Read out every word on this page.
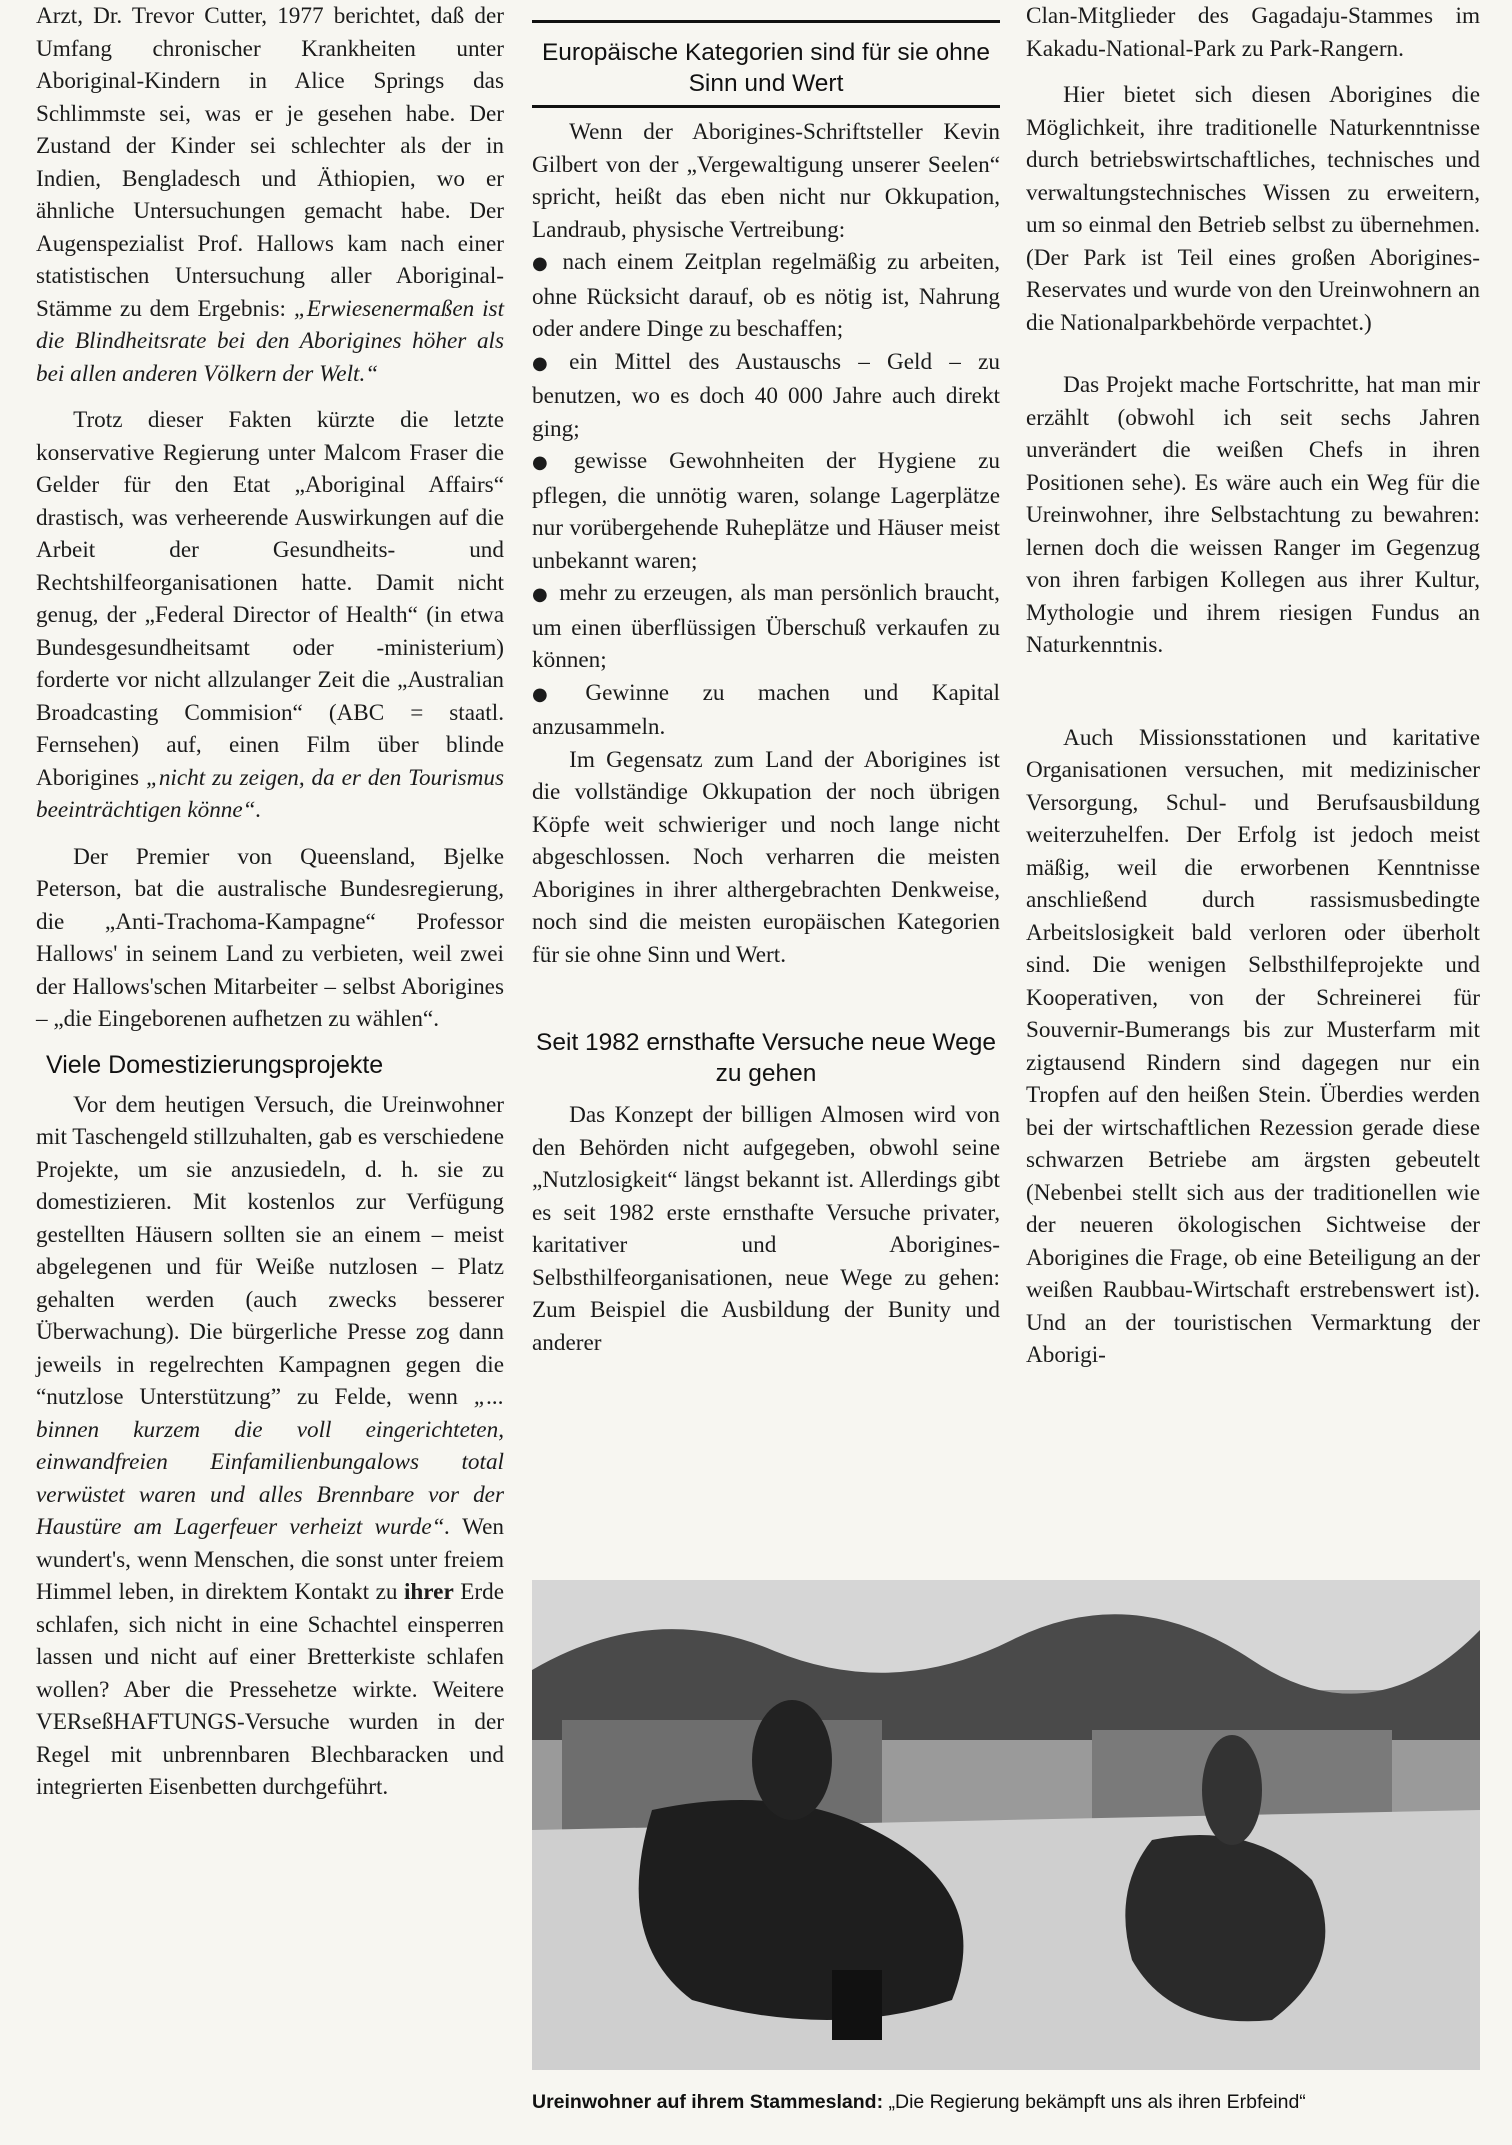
Arzt, Dr. Trevor Cutter, 1977 berichtet, daß der Umfang chronischer Krankheiten unter Aboriginal-Kindern in Alice Springs das Schlimmste sei, was er je gesehen habe. Der Zustand der Kinder sei schlechter als der in Indien, Bengladesch und Äthiopien, wo er ähnliche Untersuchungen gemacht habe. Der Augenspezialist Prof. Hallows kam nach einer statistischen Untersuchung aller Aboriginal-Stämme zu dem Ergebnis: „Erwiesenermaßen ist die Blindheitsrate bei den Aborigines höher als bei allen anderen Völkern der Welt.“

Trotz dieser Fakten kürzte die letzte konservative Regierung unter Malcom Fraser die Gelder für den Etat „Aboriginal Affairs“ drastisch, was verheerende Auswirkungen auf die Arbeit der Gesundheits- und Rechtshilfeorganisationen hatte. Damit nicht genug, der „Federal Director of Health“ (in etwa Bundesgesundheitsamt oder -ministerium) forderte vor nicht allzulanger Zeit die „Australian Broadcasting Commision“ (ABC = staatl. Fernsehen) auf, einen Film über blinde Aborigines „nicht zu zeigen, da er den Tourismus beeinträchtigen könne“.

Der Premier von Queensland, Bjelke Peterson, bat die australische Bundesregierung, die „Anti-Trachoma-Kampagne“ Professor Hallows' in seinem Land zu verbieten, weil zwei der Hallows'schen Mitarbeiter – selbst Aborigines – „die Eingeborenen aufhetzen zu wählen“.

Viele Domestizierungsprojekte

Vor dem heutigen Versuch, die Ureinwohner mit Taschengeld stillzuhalten, gab es verschiedene Projekte, um sie anzusiedeln, d. h. sie zu domestizieren. Mit kostenlos zur Verfügung gestellten Häusern sollten sie an einem – meist abgelegenen und für Weiße nutzlosen – Platz gehalten werden (auch zwecks besserer Überwachung). Die bürgerliche Presse zog dann jeweils in regelrechten Kampagnen gegen die “nutzlose Unterstützung” zu Felde, wenn „... binnen kurzem die voll eingerichteten, einwandfreien Einfamilienbungalows total verwüstet waren und alles Brennbare vor der Haustüre am Lagerfeuer verheizt wurde“. Wen wundert's, wenn Menschen, die sonst unter freiem Himmel leben, in direktem Kontakt zu ihrer Erde schlafen, sich nicht in eine Schachtel einsperren lassen und nicht auf einer Bretterkiste schlafen wollen? Aber die Pressehetze wirkte. Weitere VERseßHAFTUNGS-Versuche wurden in der Regel mit unbrennbaren Blechbaracken und integrierten Eisenbetten durchgeführt.

Europäische Kategorien sind für sie ohne Sinn und Wert

Wenn der Aborigines-Schriftsteller Kevin Gilbert von der „Vergewaltigung unserer Seelen“ spricht, heißt das eben nicht nur Okkupation, Landraub, physische Vertreibung:

● nach einem Zeitplan regelmäßig zu arbeiten, ohne Rücksicht darauf, ob es nötig ist, Nahrung oder andere Dinge zu beschaffen;
● ein Mittel des Austauschs – Geld – zu benutzen, wo es doch 40 000 Jahre auch direkt ging;
● gewisse Gewohnheiten der Hygiene zu pflegen, die unnötig waren, solange Lagerplätze nur vorübergehende Ruheplätze und Häuser meist unbekannt waren;
● mehr zu erzeugen, als man persönlich braucht, um einen überflüssigen Überschuß verkaufen zu können;
● Gewinne zu machen und Kapital anzusammeln.

Im Gegensatz zum Land der Aborigines ist die vollständige Okkupation der noch übrigen Köpfe weit schwieriger und noch lange nicht abgeschlossen. Noch verharren die meisten Aborigines in ihrer althergebrachten Denkweise, noch sind die meisten europäischen Kategorien für sie ohne Sinn und Wert.

Seit 1982 ernsthafte Versuche neue Wege zu gehen

Das Konzept der billigen Almosen wird von den Behörden nicht aufgegeben, obwohl seine „Nutzlosigkeit“ längst bekannt ist. Allerdings gibt es seit 1982 erste ernsthafte Versuche privater, karitativer und Aborigines-Selbsthilfeorganisationen, neue Wege zu gehen: Zum Beispiel die Ausbildung der Bunity und anderer

Clan-Mitglieder des Gagadaju-Stammes im Kakadu-National-Park zu Park-Rangern.

Hier bietet sich diesen Aborigines die Möglichkeit, ihre traditionelle Naturkenntnisse durch betriebswirtschaftliches, technisches und verwaltungstechnisches Wissen zu erweitern, um so einmal den Betrieb selbst zu übernehmen. (Der Park ist Teil eines großen Aborigines-Reservates und wurde von den Ureinwohnern an die Nationalparkbehörde verpachtet.)

Das Projekt mache Fortschritte, hat man mir erzählt (obwohl ich seit sechs Jahren unverändert die weißen Chefs in ihren Positionen sehe). Es wäre auch ein Weg für die Ureinwohner, ihre Selbstachtung zu bewahren: lernen doch die weissen Ranger im Gegenzug von ihren farbigen Kollegen aus ihrer Kultur, Mythologie und ihrem riesigen Fundus an Naturkenntnis.

Auch Missionsstationen und karitative Organisationen versuchen, mit medizinischer Versorgung, Schul- und Berufsausbildung weiterzuhelfen. Der Erfolg ist jedoch meist mäßig, weil die erworbenen Kenntnisse anschließend durch rassismusbedingte Arbeitslosigkeit bald verloren oder überholt sind. Die wenigen Selbsthilfeprojekte und Kooperativen, von der Schreinerei für Souvernir-Bumerangs bis zur Musterfarm mit zigtausend Rindern sind dagegen nur ein Tropfen auf den heißen Stein. Überdies werden bei der wirtschaftlichen Rezession gerade diese schwarzen Betriebe am ärgsten gebeutelt (Nebenbei stellt sich aus der traditionellen wie der neueren ökologischen Sichtweise der Aborigines die Frage, ob eine Beteiligung an der weißen Raubbau-Wirtschaft erstrebenswert ist). Und an der touristischen Vermarktung der Aborigi-

Ureinwohner auf ihrem Stammesland: „Die Regierung bekämpft uns als ihren Erbfeind“
